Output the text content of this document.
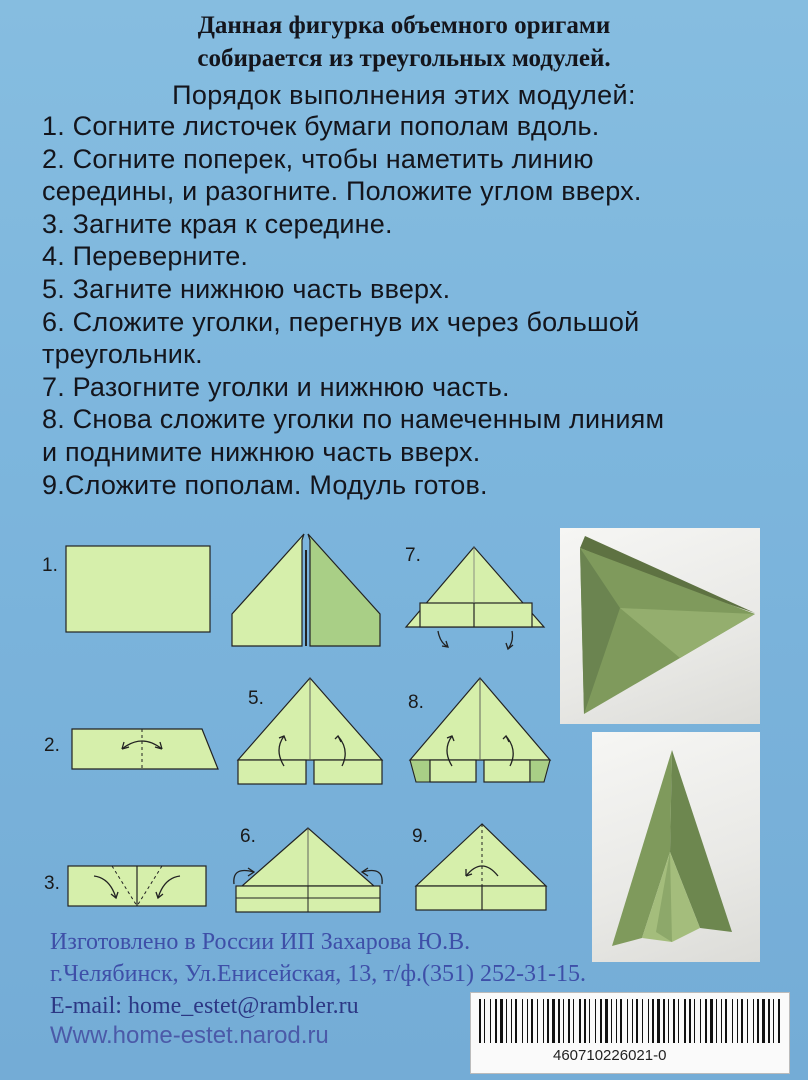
Данная фигурка объемного оригами
собирается из треугольных модулей.
Порядок выполнения этих модулей:
1. Согните листочек бумаги пополам вдоль.
2. Согните поперек, чтобы наметить линию
середины, и разогните. Положите углом вверх.
3. Загните края к середине.
4. Переверните.
5. Загните нижнюю часть вверх.
6. Сложите уголки, перегнув их через большой
треугольник.
7. Разогните уголки и нижнюю часть.
8. Снова сложите уголки по намеченным линиям
и поднимите нижнюю часть вверх.
9.Сложите пополам. Модуль готов.
1.
2.
3.
5.
6.
7.
8.
9.
Изготовлено в России ИП Захарова Ю.В.
г.Челябинск, Ул.Енисейская, 13, т/ф.(351) 252-31-15.
E-mail: home_estet@rambler.ru
Www.home-estet.narod.ru
460710226021-0
